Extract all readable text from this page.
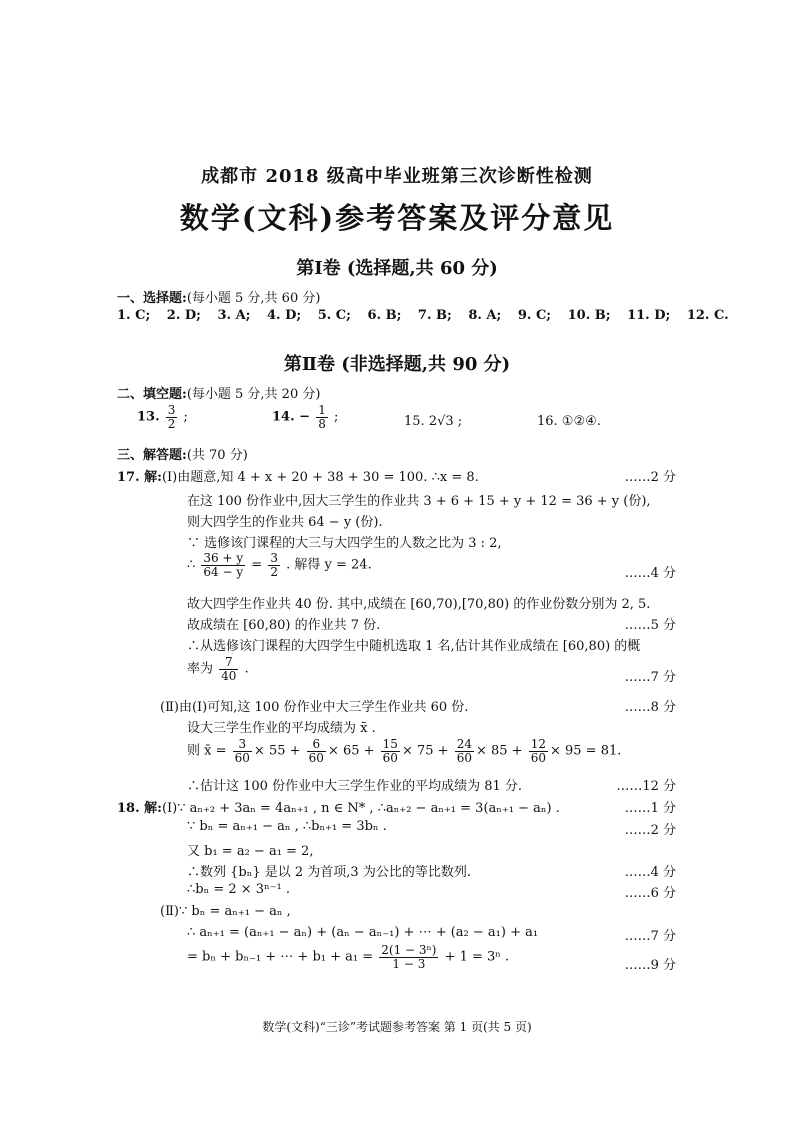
成都市 2018 级高中毕业班第三次诊断性检测
数学(文科)参考答案及评分意见
第Ⅰ卷 (选择题,共 60 分)
一、选择题:(每小题 5 分,共 60 分)
1. C; 2. D; 3. A; 4. D; 5. C; 6. B; 7. B; 8. A; 9. C; 10. B; 11. D; 12. C.
第Ⅱ卷 (非选择题,共 90 分)
二、填空题:(每小题 5 分,共 20 分)
13. $\frac{3}{2}$ ;	14. − $\frac{1}{8}$ ;	15. 2√3 ;	16. ①②④.
三、解答题:(共 70 分)
17. 解:(Ⅰ)由题意,知 4 + x + 20 + 38 + 30 = 100. ∴x = 8.	……2 分
在这 100 份作业中,因大三学生的作业共 3 + 6 + 15 + y + 12 = 36 + y (份),
则大四学生的作业共 64 − y (份).
∵ 选修该门课程的大三与大四学生的人数之比为 3 : 2,
∴ $\frac{36 + y}{64 - y} = \frac{3}{2}$ . 解得 y = 24.
……4 分
故大四学生作业共 40 份. 其中,成绩在 [60,70),[70,80) 的作业份数分别为 2, 5.
故成绩在 [60,80) 的作业共 7 份.	……5 分
∴从选修该门课程的大四学生中随机选取 1 名,估计其作业成绩在 [60,80) 的概
率为 $\frac{7}{40}$ .
……7 分
(Ⅱ)由(Ⅰ)可知,这 100 份作业中大三学生作业共 60 份.	……8 分
设大三学生作业的平均成绩为 x̄ .
则 x̄ = $\frac{3}{60} \times 55 + \frac{6}{60} \times 65 + \frac{15}{60} \times 75 + \frac{24}{60} \times 85 + \frac{12}{60} \times 95 = 81$.
∴估计这 100 份作业中大三学生作业的平均成绩为 81 分.	……12 分
18. 解:(Ⅰ)∵ aₙ₊₂ + 3aₙ = 4aₙ₊₁ , n ∈ N* , ∴aₙ₊₂ − aₙ₊₁ = 3(aₙ₊₁ − aₙ) .	……1 分
∵ bₙ = aₙ₊₁ − aₙ , ∴bₙ₊₁ = 3bₙ .	……2 分
又 b₁ = a₂ − a₁ = 2,
∴数列 {bₙ} 是以 2 为首项,3 为公比的等比数列.	……4 分
∴bₙ = 2 × 3ⁿ⁻¹ .	……6 分
(Ⅱ)∵ bₙ = aₙ₊₁ − aₙ ,
∴ aₙ₊₁ = (aₙ₊₁ − aₙ) + (aₙ − aₙ₋₁) + ⋯ + (a₂ − a₁) + a₁	……7 分
= bₙ + bₙ₋₁ + ⋯ + $b_1 + a_1 = \frac{\text{2(1 − 3ⁿ)}}{1 - 3} + 1 = 3^n$ .
……9 分
数学(文科)“三诊”考试题参考答案 第 1 页(共 5 页)
